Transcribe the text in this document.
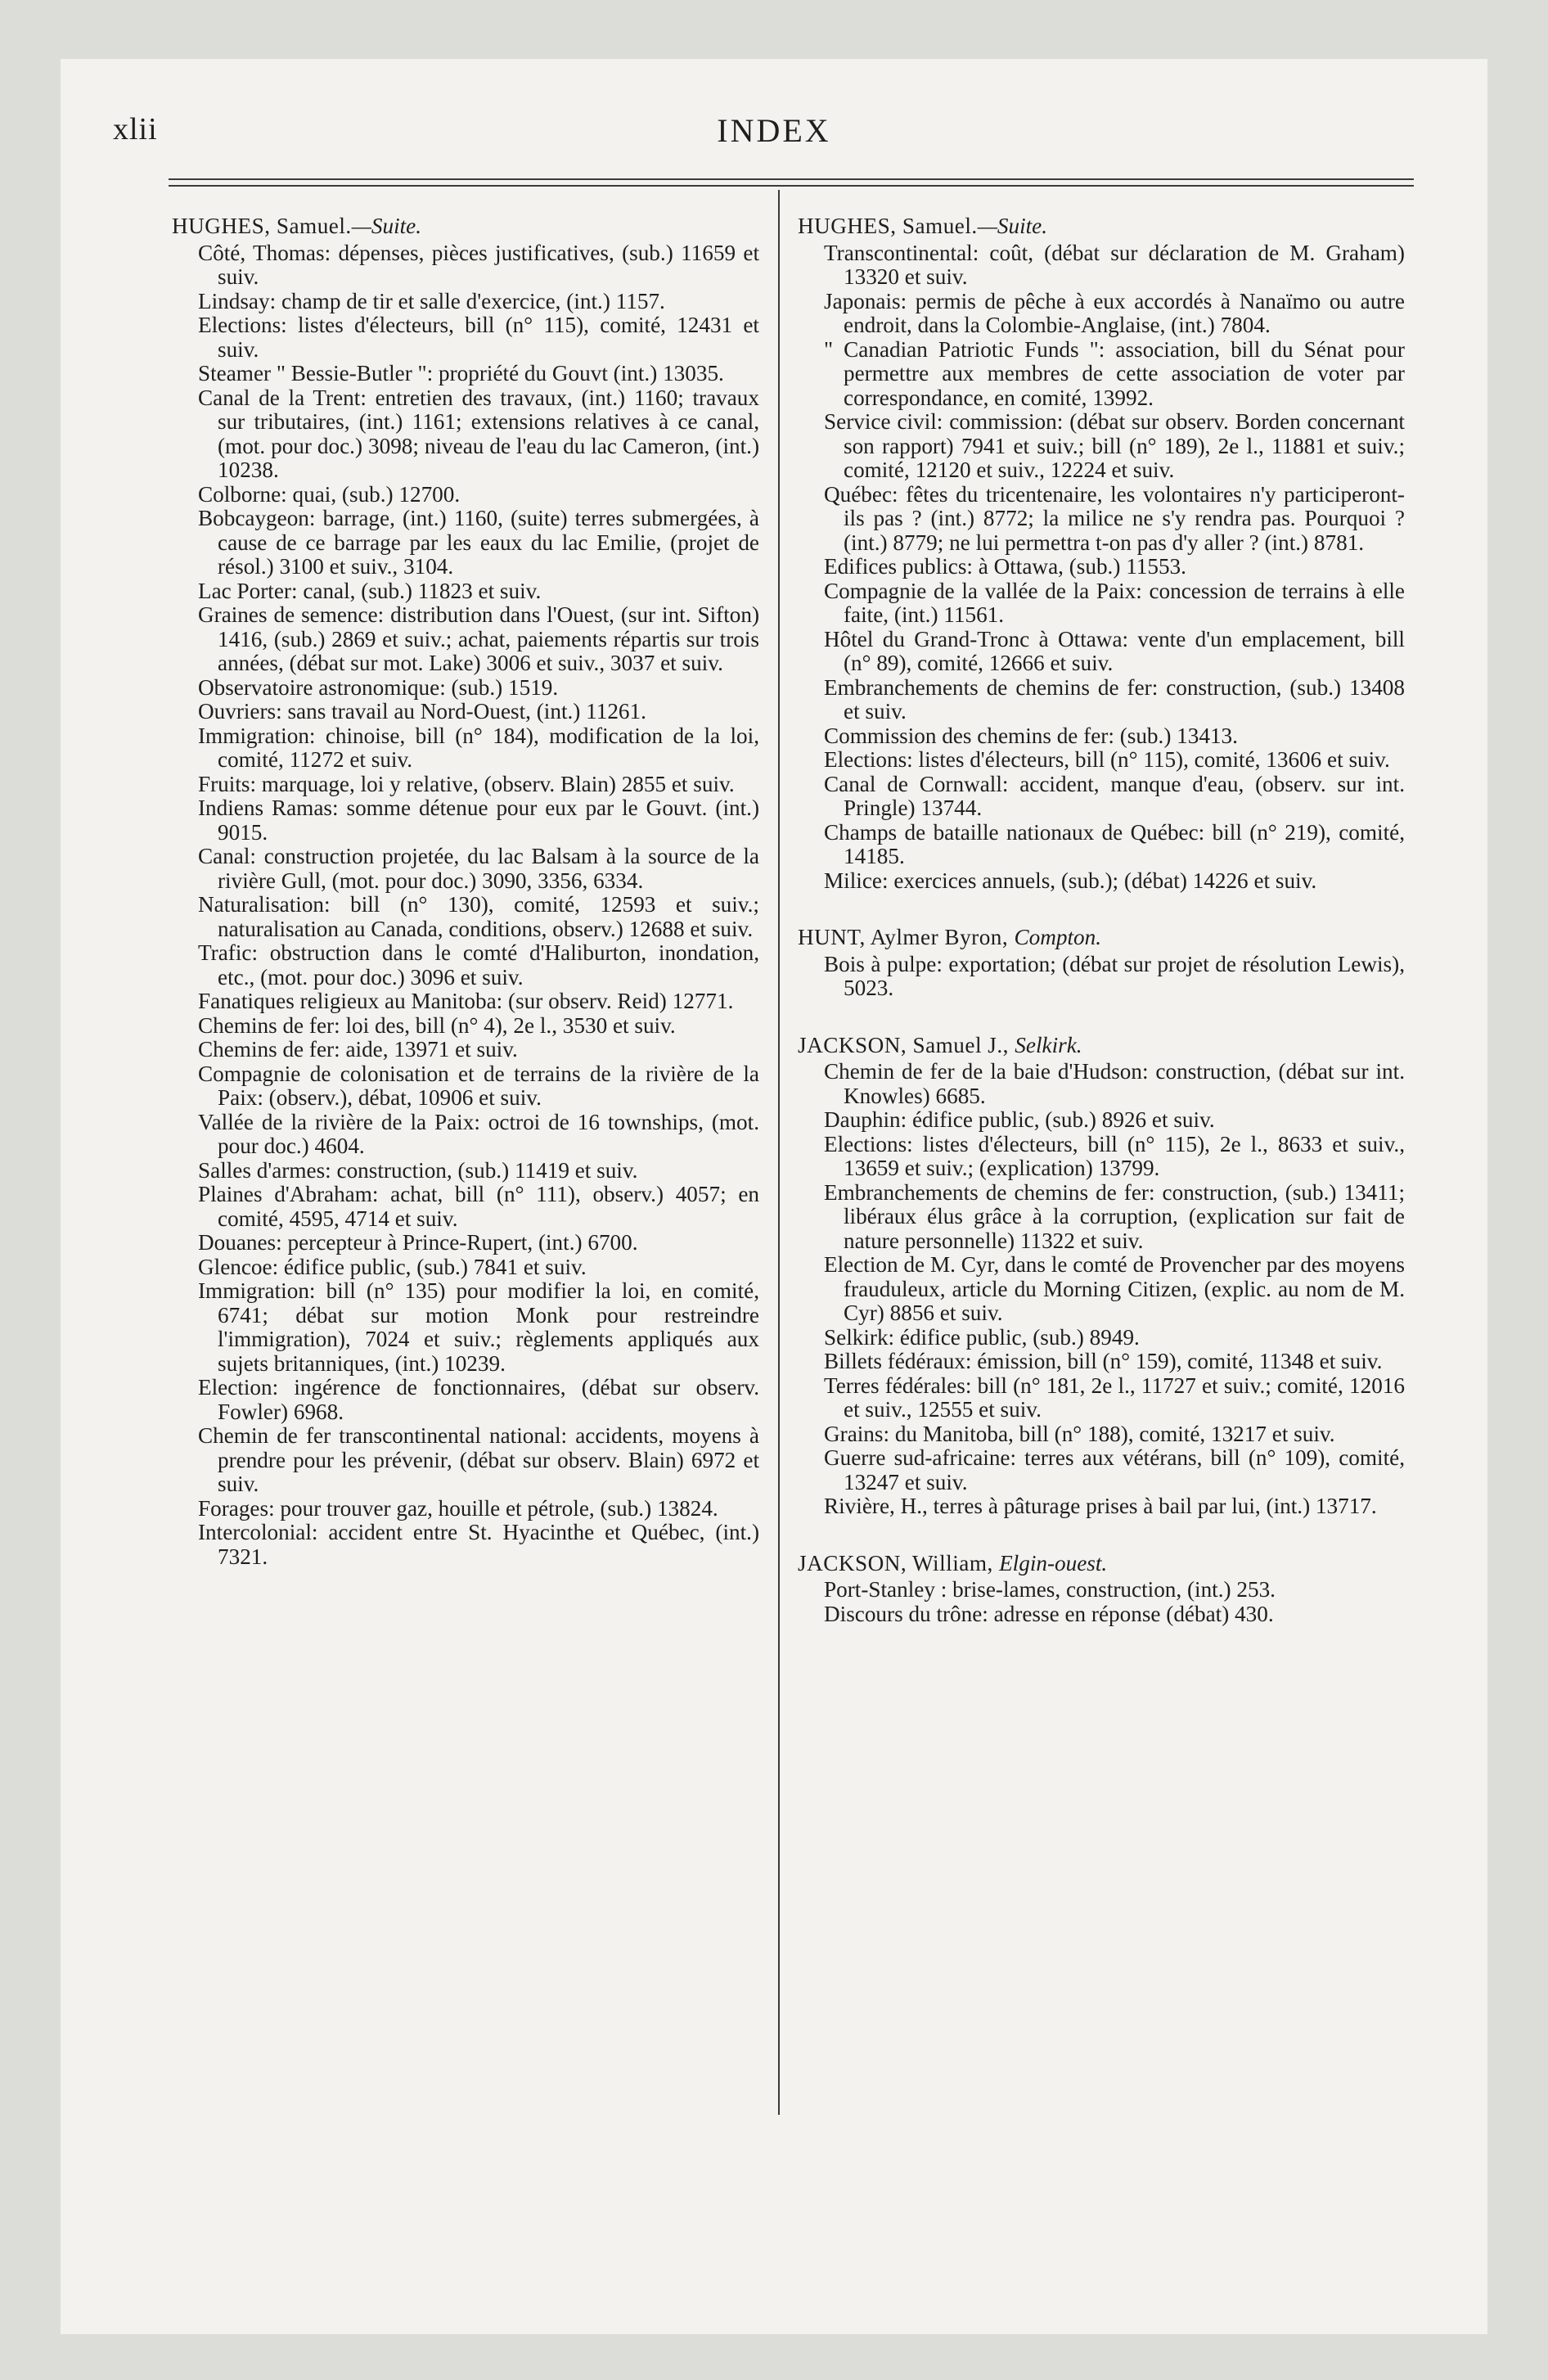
xlii	INDEX
HUGHES, Samuel.—Suite.
Côté, Thomas: dépenses, pièces justificatives, (sub.) 11659 et suiv.
Lindsay: champ de tir et salle d'exercice, (int.) 1157.
Elections: listes d'électeurs, bill (n° 115), comité, 12431 et suiv.
Steamer " Bessie-Butler ": propriété du Gouvt (int.) 13035.
Canal de la Trent: entretien des travaux, (int.) 1160; travaux sur tributaires, (int.) 1161; extensions relatives à ce canal, (mot. pour doc.) 3098; niveau de l'eau du lac Cameron, (int.) 10238.
Colborne: quai, (sub.) 12700.
Bobcaygeon: barrage, (int.) 1160, (suite) terres submergées, à cause de ce barrage par les eaux du lac Emilie, (projet de résol.) 3100 et suiv., 3104.
Lac Porter: canal, (sub.) 11823 et suiv.
Graines de semence: distribution dans l'Ouest, (sur int. Sifton) 1416, (sub.) 2869 et suiv.; achat, paiements répartis sur trois années, (débat sur mot. Lake) 3006 et suiv., 3037 et suiv.
Observatoire astronomique: (sub.) 1519.
Ouvriers: sans travail au Nord-Ouest, (int.) 11261.
Immigration: chinoise, bill (n° 184), modification de la loi, comité, 11272 et suiv.
Fruits: marquage, loi y relative, (observ. Blain) 2855 et suiv.
Indiens Ramas: somme détenue pour eux par le Gouvt. (int.) 9015.
Canal: construction projetée, du lac Balsam à la source de la rivière Gull, (mot. pour doc.) 3090, 3356, 6334.
Naturalisation: bill (n° 130), comité, 12593 et suiv.; naturalisation au Canada, conditions, observ.) 12688 et suiv.
Trafic: obstruction dans le comté d'Haliburton, inondation, etc., (mot. pour doc.) 3096 et suiv.
Fanatiques religieux au Manitoba: (sur observ. Reid) 12771.
Chemins de fer: loi des, bill (n° 4), 2e l., 3530 et suiv.
Chemins de fer: aide, 13971 et suiv.
Compagnie de colonisation et de terrains de la rivière de la Paix: (observ.), débat, 10906 et suiv.
Vallée de la rivière de la Paix: octroi de 16 townships, (mot. pour doc.) 4604.
Salles d'armes: construction, (sub.) 11419 et suiv.
Plaines d'Abraham: achat, bill (n° 111), observ.) 4057; en comité, 4595, 4714 et suiv.
Douanes: percepteur à Prince-Rupert, (int.) 6700.
Glencoe: édifice public, (sub.) 7841 et suiv.
Immigration: bill (n° 135) pour modifier la loi, en comité, 6741; débat sur motion Monk pour restreindre l'immigration), 7024 et suiv.; règlements appliqués aux sujets britanniques, (int.) 10239.
Election: ingérence de fonctionnaires, (débat sur observ. Fowler) 6968.
Chemin de fer transcontinental national: accidents, moyens à prendre pour les prévenir, (débat sur observ. Blain) 6972 et suiv.
Forages: pour trouver gaz, houille et pétrole, (sub.) 13824.
Intercolonial: accident entre St. Hyacinthe et Québec, (int.) 7321.
HUGHES, Samuel.—Suite.
Transcontinental: coût, (débat sur déclaration de M. Graham) 13320 et suiv.
Japonais: permis de pêche à eux accordés à Nanaïmo ou autre endroit, dans la Colombie-Anglaise, (int.) 7804.
" Canadian Patriotic Funds ": association, bill du Sénat pour permettre aux membres de cette association de voter par correspondance, en comité, 13992.
Service civil: commission: (débat sur observ. Borden concernant son rapport) 7941 et suiv.; bill (n° 189), 2e l., 11881 et suiv.; comité, 12120 et suiv., 12224 et suiv.
Québec: fêtes du tricentenaire, les volontaires n'y participeront-ils pas ? (int.) 8772; la milice ne s'y rendra pas. Pourquoi ? (int.) 8779; ne lui permettra t-on pas d'y aller ? (int.) 8781.
Edifices publics: à Ottawa, (sub.) 11553.
Compagnie de la vallée de la Paix: concession de terrains à elle faite, (int.) 11561.
Hôtel du Grand-Tronc à Ottawa: vente d'un emplacement, bill (n° 89), comité, 12666 et suiv.
Embranchements de chemins de fer: construction, (sub.) 13408 et suiv.
Commission des chemins de fer: (sub.) 13413.
Elections: listes d'électeurs, bill (n° 115), comité, 13606 et suiv.
Canal de Cornwall: accident, manque d'eau, (observ. sur int. Pringle) 13744.
Champs de bataille nationaux de Québec: bill (n° 219), comité, 14185.
Milice: exercices annuels, (sub.); (débat) 14226 et suiv.
HUNT, Aylmer Byron, Compton.
Bois à pulpe: exportation; (débat sur projet de résolution Lewis), 5023.
JACKSON, Samuel J., Selkirk.
Chemin de fer de la baie d'Hudson: construction, (débat sur int. Knowles) 6685.
Dauphin: édifice public, (sub.) 8926 et suiv.
Elections: listes d'électeurs, bill (n° 115), 2e l., 8633 et suiv., 13659 et suiv.; (explication) 13799.
Embranchements de chemins de fer: construction, (sub.) 13411; libéraux élus grâce à la corruption, (explication sur fait de nature personnelle) 11322 et suiv.
Election de M. Cyr, dans le comté de Provencher par des moyens frauduleux, article du Morning Citizen, (explic. au nom de M. Cyr) 8856 et suiv.
Selkirk: édifice public, (sub.) 8949.
Billets fédéraux: émission, bill (n° 159), comité, 11348 et suiv.
Terres fédérales: bill (n° 181, 2e l., 11727 et suiv.; comité, 12016 et suiv., 12555 et suiv.
Grains: du Manitoba, bill (n° 188), comité, 13217 et suiv.
Guerre sud-africaine: terres aux vétérans, bill (n° 109), comité, 13247 et suiv.
Rivière, H., terres à pâturage prises à bail par lui, (int.) 13717.
JACKSON, William, Elgin-ouest.
Port-Stanley : brise-lames, construction, (int.) 253.
Discours du trône: adresse en réponse (débat) 430.
